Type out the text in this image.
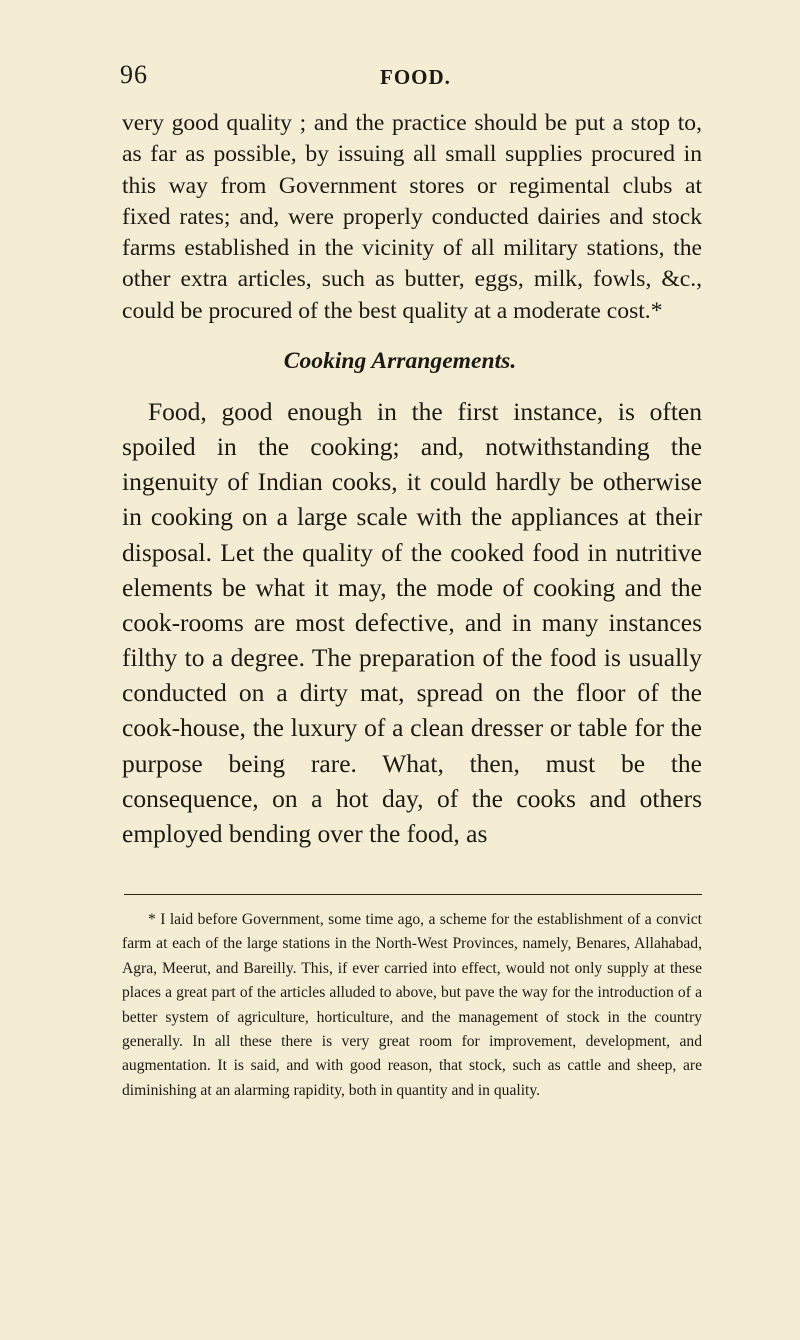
96	FOOD.

very good quality ; and the practice should be put a stop to, as far as possible, by issuing all small supplies procured in this way from Government stores or regimental clubs at fixed rates; and, were properly conducted dairies and stock farms established in the vicinity of all military stations, the other extra articles, such as butter, eggs, milk, fowls, &c., could be procured of the best quality at a moderate cost.*

Cooking Arrangements.

Food, good enough in the first instance, is often spoiled in the cooking; and, notwithstanding the ingenuity of Indian cooks, it could hardly be otherwise in cooking on a large scale with the appliances at their disposal. Let the quality of the cooked food in nutritive elements be what it may, the mode of cooking and the cook-rooms are most defective, and in many instances filthy to a degree. The preparation of the food is usually conducted on a dirty mat, spread on the floor of the cook-house, the luxury of a clean dresser or table for the purpose being rare. What, then, must be the consequence, on a hot day, of the cooks and others employed bending over the food, as

* I laid before Government, some time ago, a scheme for the establishment of a convict farm at each of the large stations in the North-West Provinces, namely, Benares, Allahabad, Agra, Meerut, and Bareilly. This, if ever carried into effect, would not only supply at these places a great part of the articles alluded to above, but pave the way for the introduction of a better system of agriculture, horticulture, and the management of stock in the country generally. In all these there is very great room for improvement, development, and augmentation. It is said, and with good reason, that stock, such as cattle and sheep, are diminishing at an alarming rapidity, both in quantity and in quality.
